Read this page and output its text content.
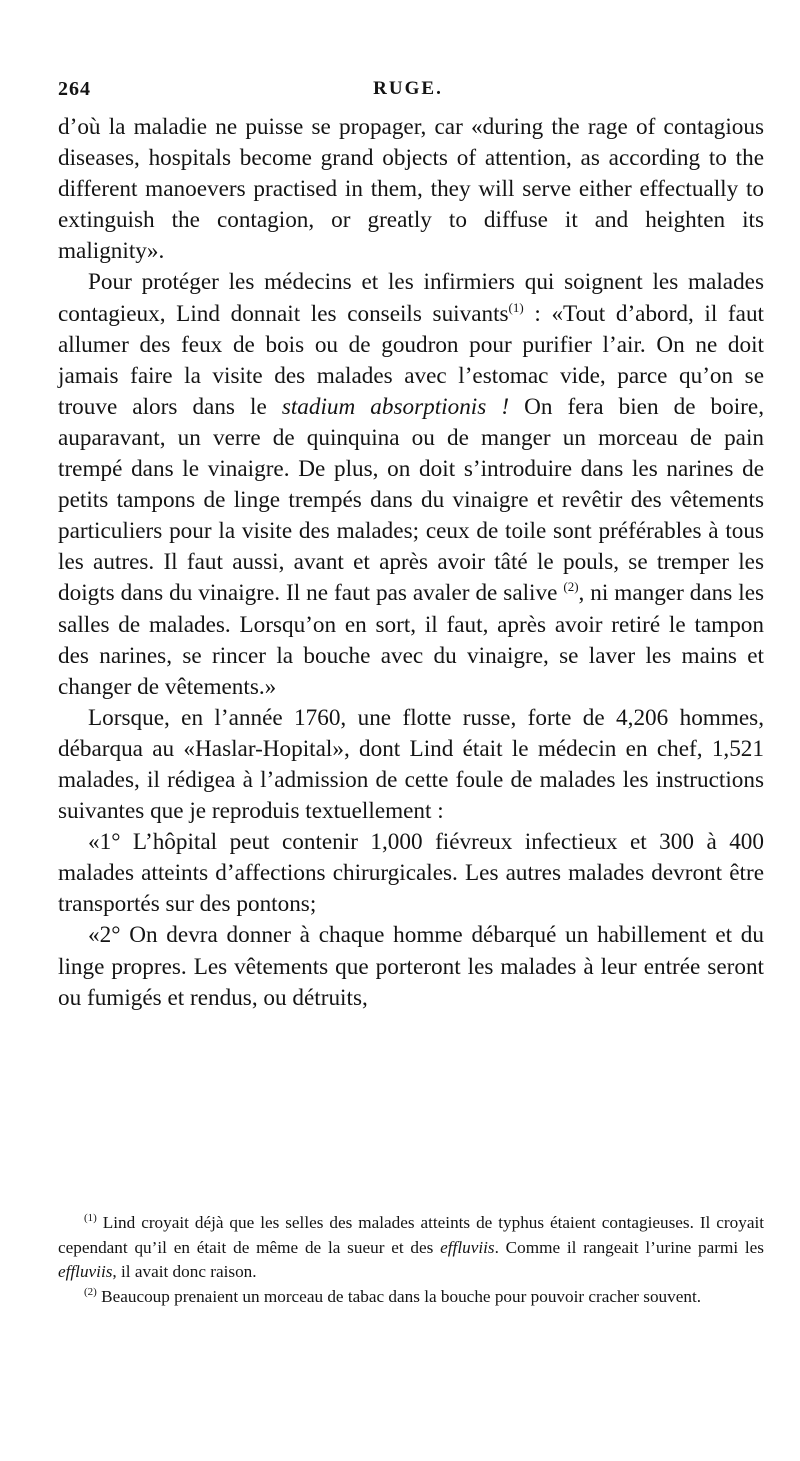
264	RUGE.

d’où la maladie ne puisse se propager, car «during the rage of contagious diseases, hospitals become grand objects of attention, as according to the different manoevers practised in them, they will serve either effectually to extinguish the contagion, or greatly to diffuse it and heighten its malignity».

Pour protéger les médecins et les infirmiers qui soignent les malades contagieux, Lind donnait les conseils suivants$^{(1)}$ : «Tout d’abord, il faut allumer des feux de bois ou de goudron pour purifier l’air. On ne doit jamais faire la visite des malades avec l’estomac vide, parce qu’on se trouve alors dans le stadium absorptionis ! On fera bien de boire, auparavant, un verre de quinquina ou de manger un morceau de pain trempé dans le vinaigre. De plus, on doit s’introduire dans les narines de petits tampons de linge trempés dans du vinaigre et revêtir des vêtements particuliers pour la visite des malades; ceux de toile sont préférables à tous les autres. Il faut aussi, avant et après avoir tâté le pouls, se tremper les doigts dans du vinaigre. Il ne faut pas avaler de salive $^{(2)}$, ni manger dans les salles de malades. Lorsqu’on en sort, il faut, après avoir retiré le tampon des narines, se rincer la bouche avec du vinaigre, se laver les mains et changer de vêtements.»

Lorsque, en l’année 1760, une flotte russe, forte de 4,206 hommes, débarqua au «Haslar-Hopital», dont Lind était le médecin en chef, 1,521 malades, il rédigea à l’admission de cette foule de malades les instructions suivantes que je reproduis textuellement :

«1° L’hôpital peut contenir 1,000 fiévreux infectieux et 300 à 400 malades atteints d’affections chirurgicales. Les autres malades devront être transportés sur des pontons;

«2° On devra donner à chaque homme débarqué un habillement et du linge propres. Les vêtements que porteront les malades à leur entrée seront ou fumigés et rendus, ou détruits,

$^{(1)}$ Lind croyait déjà que les selles des malades atteints de typhus étaient contagieuses. Il croyait cependant qu’il en était de même de la sueur et des effluviis. Comme il rangeait l’urine parmi les effluviis, il avait donc raison.

$^{(2)}$ Beaucoup prenaient un morceau de tabac dans la bouche pour pouvoir cracher souvent.
